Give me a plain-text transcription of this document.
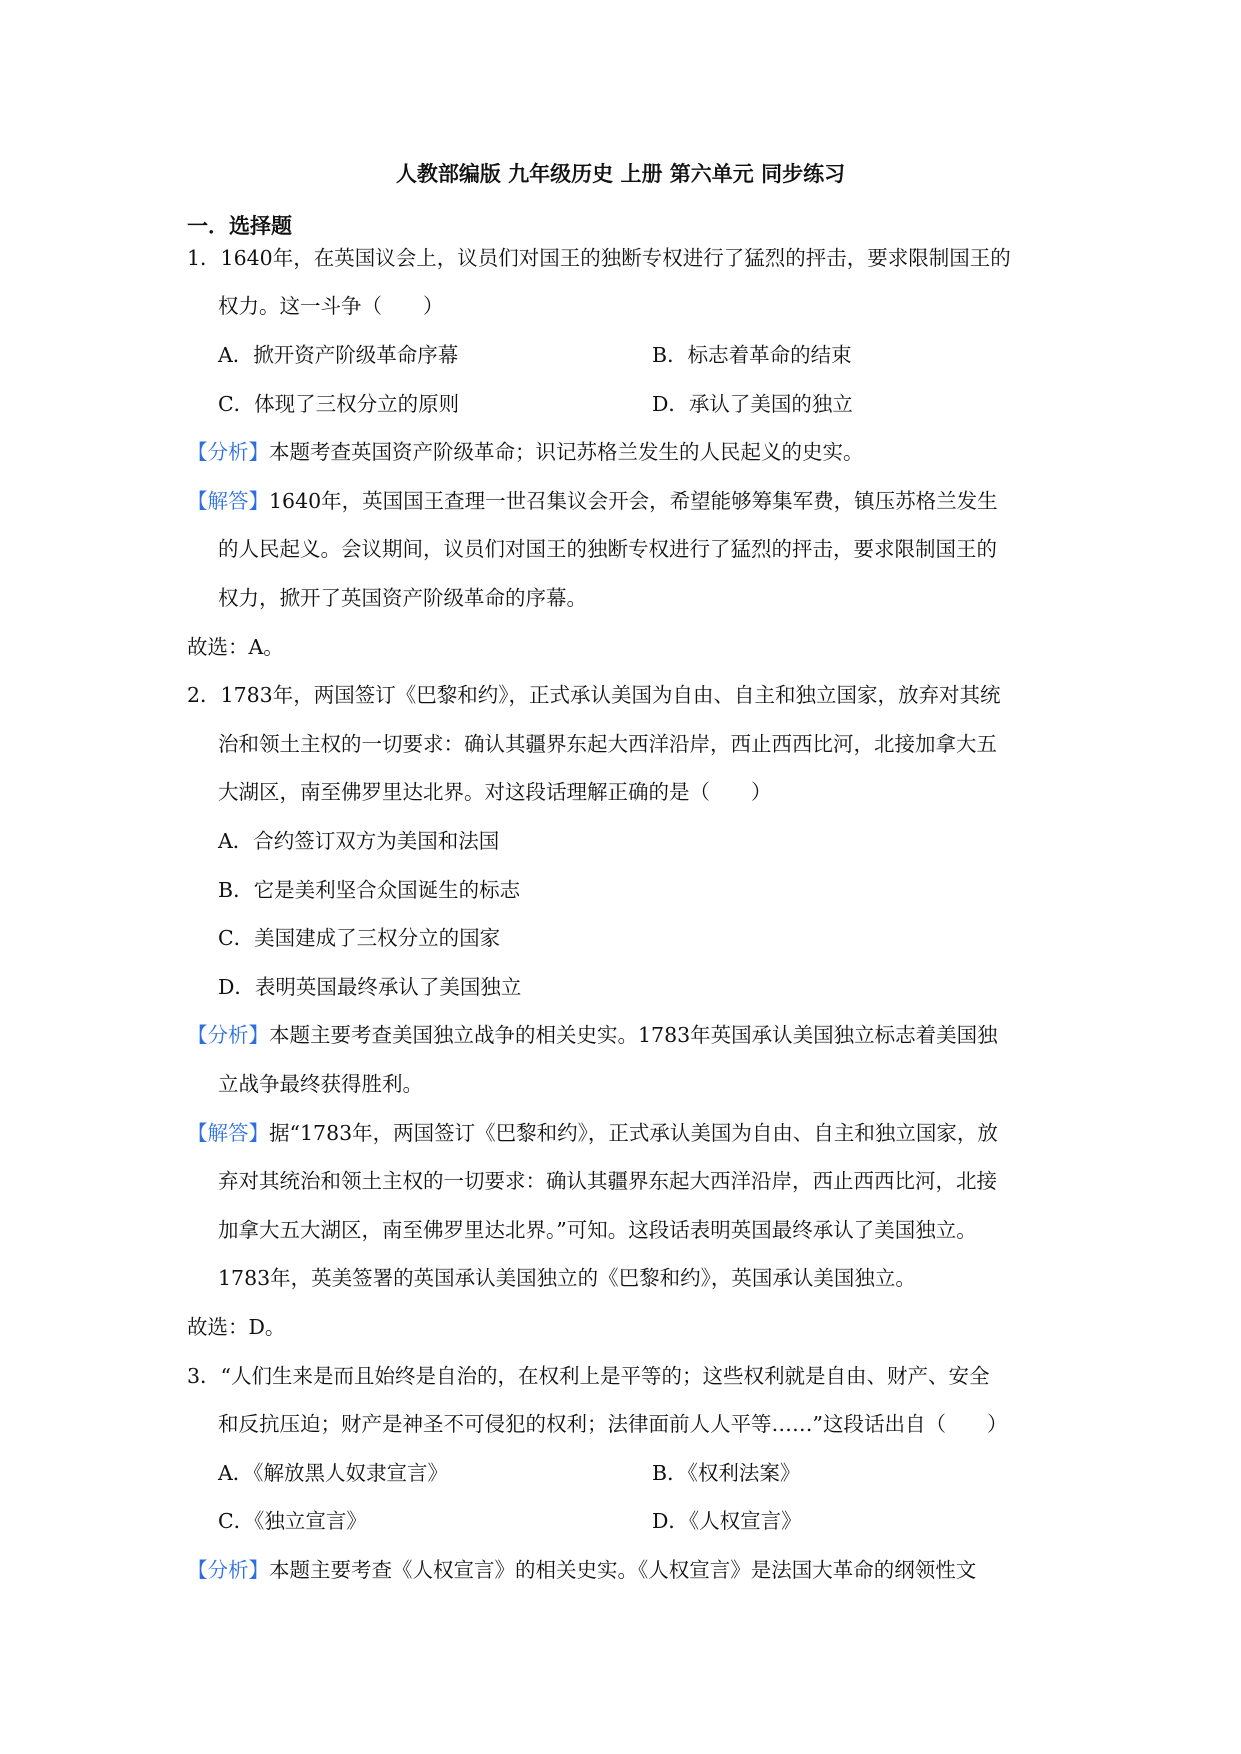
人教部编版 九年级历史 上册 第六单元 同步练习
一．选择题
1．1640年，在英国议会上，议员们对国王的独断专权进行了猛烈的抨击，要求限制国王的
权力。这一斗争（　　）
A．掀开资产阶级革命序幕	B．标志着革命的结束
C．体现了三权分立的原则	D．承认了美国的独立
【分析】本题考查英国资产阶级革命；识记苏格兰发生的人民起义的史实。
【解答】1640年，英国国王查理一世召集议会开会，希望能够筹集军费，镇压苏格兰发生
的人民起义。会议期间，议员们对国王的独断专权进行了猛烈的抨击，要求限制国王的
权力，掀开了英国资产阶级革命的序幕。
故选：A。
2．1783年，两国签订《巴黎和约》，正式承认美国为自由、自主和独立国家，放弃对其统
治和领土主权的一切要求：确认其疆界东起大西洋沿岸，西止西西比河，北接加拿大五
大湖区，南至佛罗里达北界。对这段话理解正确的是（　　）
A．合约签订双方为美国和法国
B．它是美利坚合众国诞生的标志
C．美国建成了三权分立的国家
D．表明英国最终承认了美国独立
【分析】本题主要考查美国独立战争的相关史实。1783年英国承认美国独立标志着美国独
立战争最终获得胜利。
【解答】据“1783年，两国签订《巴黎和约》，正式承认美国为自由、自主和独立国家，放
弃对其统治和领土主权的一切要求：确认其疆界东起大西洋沿岸，西止西西比河，北接
加拿大五大湖区，南至佛罗里达北界。”可知。这段话表明英国最终承认了美国独立。
1783年，英美签署的英国承认美国独立的《巴黎和约》，英国承认美国独立。
故选：D。
3．“人们生来是而且始终是自治的，在权利上是平等的；这些权利就是自由、财产、安全
和反抗压迫；财产是神圣不可侵犯的权利；法律面前人人平等……”这段话出自（　　）
A．《解放黑人奴隶宣言》	B．《权利法案》
C．《独立宣言》	D．《人权宣言》
【分析】本题主要考查《人权宣言》的相关史实。《人权宣言》是法国大革命的纲领性文
